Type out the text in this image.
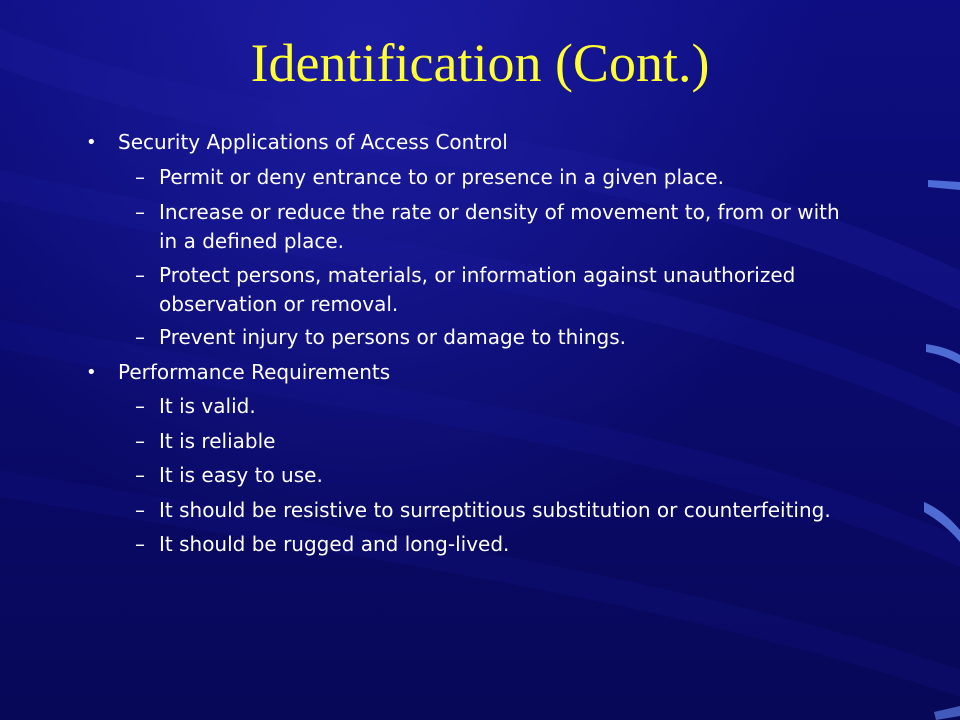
Identification (Cont.)
• Security Applications of Access Control
– Permit or deny entrance to or presence in a given place.
– Increase or reduce the rate or density of movement to, from or with in a defined place.
– Protect persons, materials, or information against unauthorized observation or removal.
– Prevent injury to persons or damage to things.
• Performance Requirements
– It is valid.
– It is reliable
– It is easy to use.
– It should be resistive to surreptitious substitution or counterfeiting.
– It should be rugged and long-lived.
